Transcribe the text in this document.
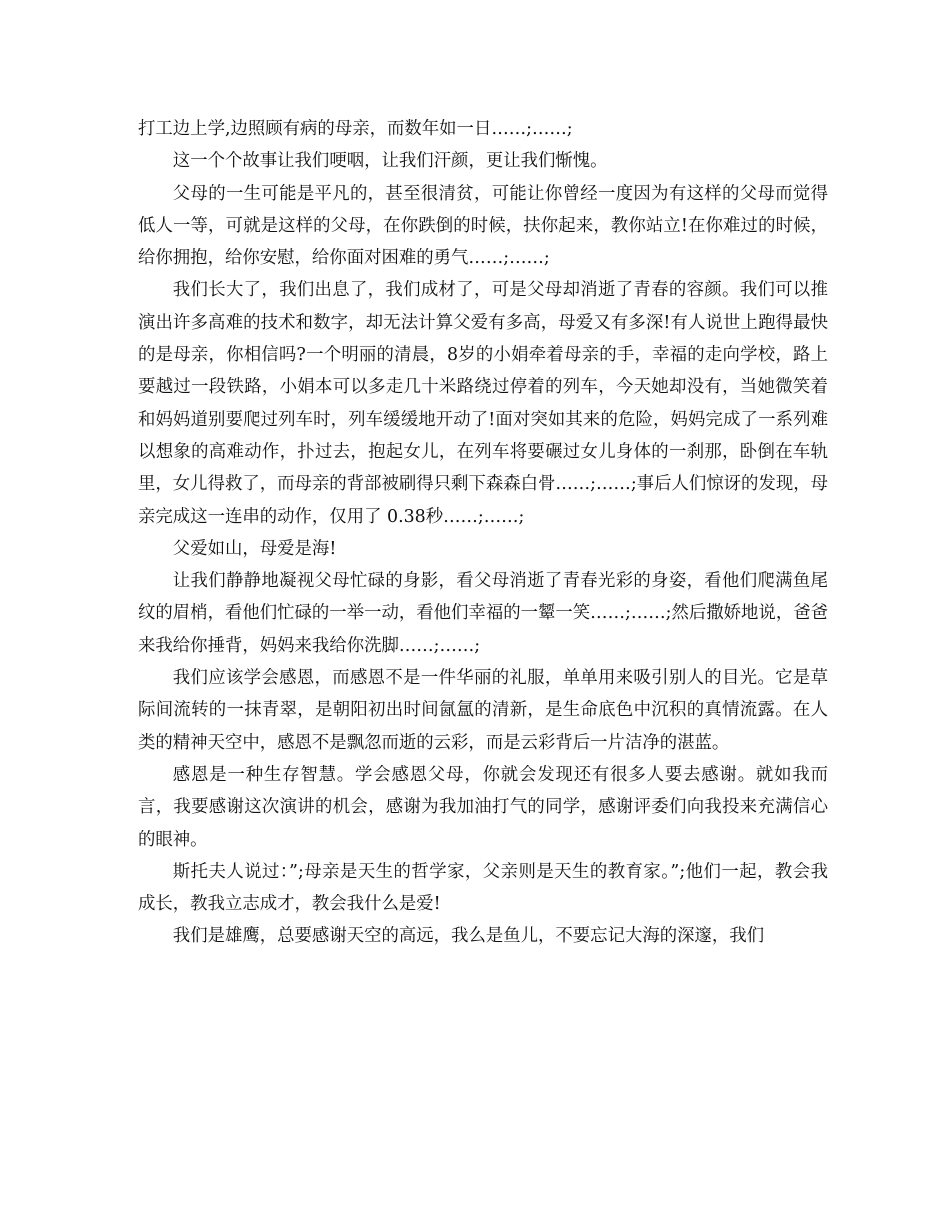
打工边上学,边照顾有病的母亲，而数年如一日……;……;

这一个个故事让我们哽咽，让我们汗颜，更让我们惭愧。

父母的一生可能是平凡的，甚至很清贫，可能让你曾经一度因为有这样的父母而觉得低人一等，可就是这样的父母，在你跌倒的时候，扶你起来，教你站立!在你难过的时候，给你拥抱，给你安慰，给你面对困难的勇气……;……;

我们长大了，我们出息了，我们成材了，可是父母却消逝了青春的容颜。我们可以推演出许多高难的技术和数字，却无法计算父爱有多高，母爱又有多深!有人说世上跑得最快的是母亲，你相信吗?一个明丽的清晨，8岁的小娟牵着母亲的手，幸福的走向学校，路上要越过一段铁路，小娟本可以多走几十米路绕过停着的列车，今天她却没有，当她微笑着和妈妈道别要爬过列车时，列车缓缓地开动了!面对突如其来的危险，妈妈完成了一系列难以想象的高难动作，扑过去，抱起女儿，在列车将要碾过女儿身体的一刹那，卧倒在车轨里，女儿得救了，而母亲的背部被刷得只剩下森森白骨……;……;事后人们惊讶的发现，母亲完成这一连串的动作，仅用了 0.38秒……;……;

父爱如山，母爱是海!

让我们静静地凝视父母忙碌的身影，看父母消逝了青春光彩的身姿，看他们爬满鱼尾纹的眉梢，看他们忙碌的一举一动，看他们幸福的一颦一笑……;……;然后撒娇地说，爸爸来我给你捶背，妈妈来我给你洗脚……;……;

我们应该学会感恩，而感恩不是一件华丽的礼服，单单用来吸引别人的目光。它是草际间流转的一抹青翠，是朝阳初出时间氤氲的清新，是生命底色中沉积的真情流露。在人类的精神天空中，感恩不是飘忽而逝的云彩，而是云彩背后一片洁净的湛蓝。

感恩是一种生存智慧。学会感恩父母，你就会发现还有很多人要去感谢。就如我而言，我要感谢这次演讲的机会，感谢为我加油打气的同学，感谢评委们向我投来充满信心的眼神。

斯托夫人说过：”;母亲是天生的哲学家，父亲则是天生的教育家。”;他们一起，教会我成长，教我立志成才，教会我什么是爱!

我们是雄鹰，总要感谢天空的高远，我么是鱼儿，不要忘记大海的深邃，我们
